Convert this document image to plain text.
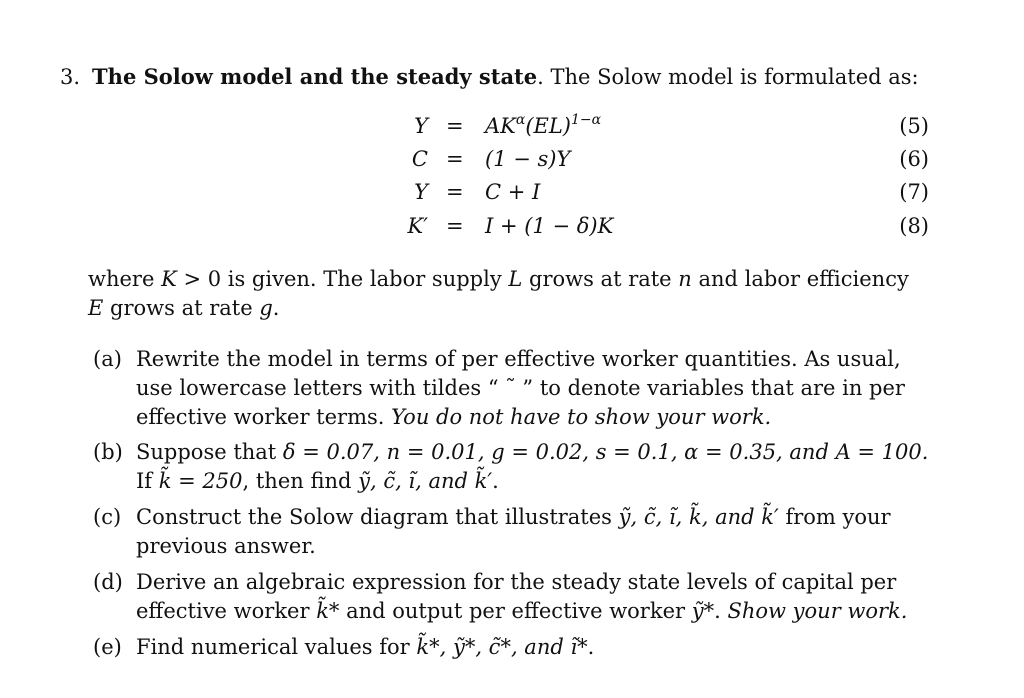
3. The Solow model and the steady state. The Solow model is formulated as:
$Y = AK^\alpha(EL)^{1-\alpha}$	(5)
C = (1 − s)Y	(6)
Y = C + I	(7)
K′ = I + (1 − δ)K	(8)
where K > 0 is given. The labor supply L grows at rate n and labor efficiency E grows at rate g.
(a) Rewrite the model in terms of per effective worker quantities. As usual, use lowercase letters with tildes “ ˜ ” to denote variables that are in per effective worker terms. You do not have to show your work.
(b) Suppose that δ = 0.07, n = 0.01, g = 0.02, s = 0.1, α = 0.35, and A = 100. If k̃ = 250, then find ỹ, c̃, ı̃, and k̃′.
(c) Construct the Solow diagram that illustrates ỹ, c̃, ı̃, k̃, and k̃′ from your previous answer.
(d) Derive an algebraic expression for the steady state levels of capital per effective worker k̃* and output per effective worker ỹ*. Show your work.
(e) Find numerical values for k̃*, ỹ*, c̃*, and ı̃*.
